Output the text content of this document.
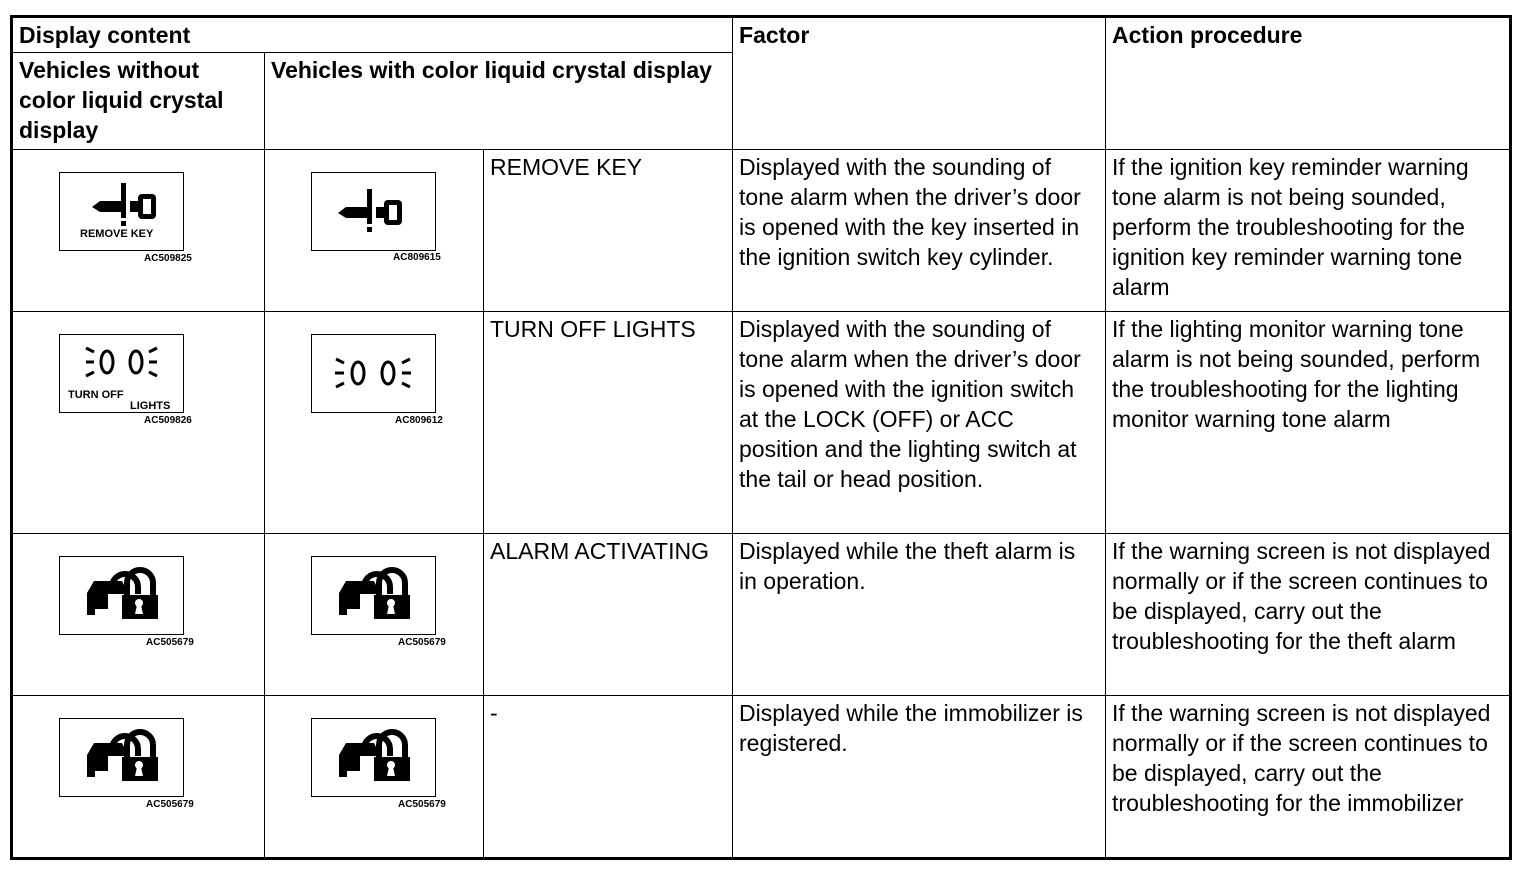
Display content			Factor	Action procedure
Vehicles without color liquid crystal display	Vehicles with color liquid crystal display			

REMOVE KEY
AC509825	AC809615	REMOVE KEY	Displayed with the sounding of tone alarm when the driver’s door is opened with the key inserted in the ignition switch key cylinder.	If the ignition key reminder warning tone alarm is not being sounded, perform the troubleshooting for the ignition key reminder warning tone alarm

TURN OFF
LIGHTS
AC509826	AC809612	TURN OFF LIGHTS	Displayed with the sounding of tone alarm when the driver’s door is opened with the ignition switch at the LOCK (OFF) or ACC position and the lighting switch at the tail or head position.	If the lighting monitor warning tone alarm is not being sounded, perform the troubleshooting for the lighting monitor warning tone alarm

AC505679	AC505679	ALARM ACTIVATING	Displayed while the theft alarm is in operation.	If the warning screen is not displayed normally or if the screen continues to be displayed, carry out the troubleshooting for the theft alarm

AC505679	AC505679	-	Displayed while the immobilizer is registered.	If the warning screen is not displayed normally or if the screen continues to be displayed, carry out the troubleshooting for the immobilizer
